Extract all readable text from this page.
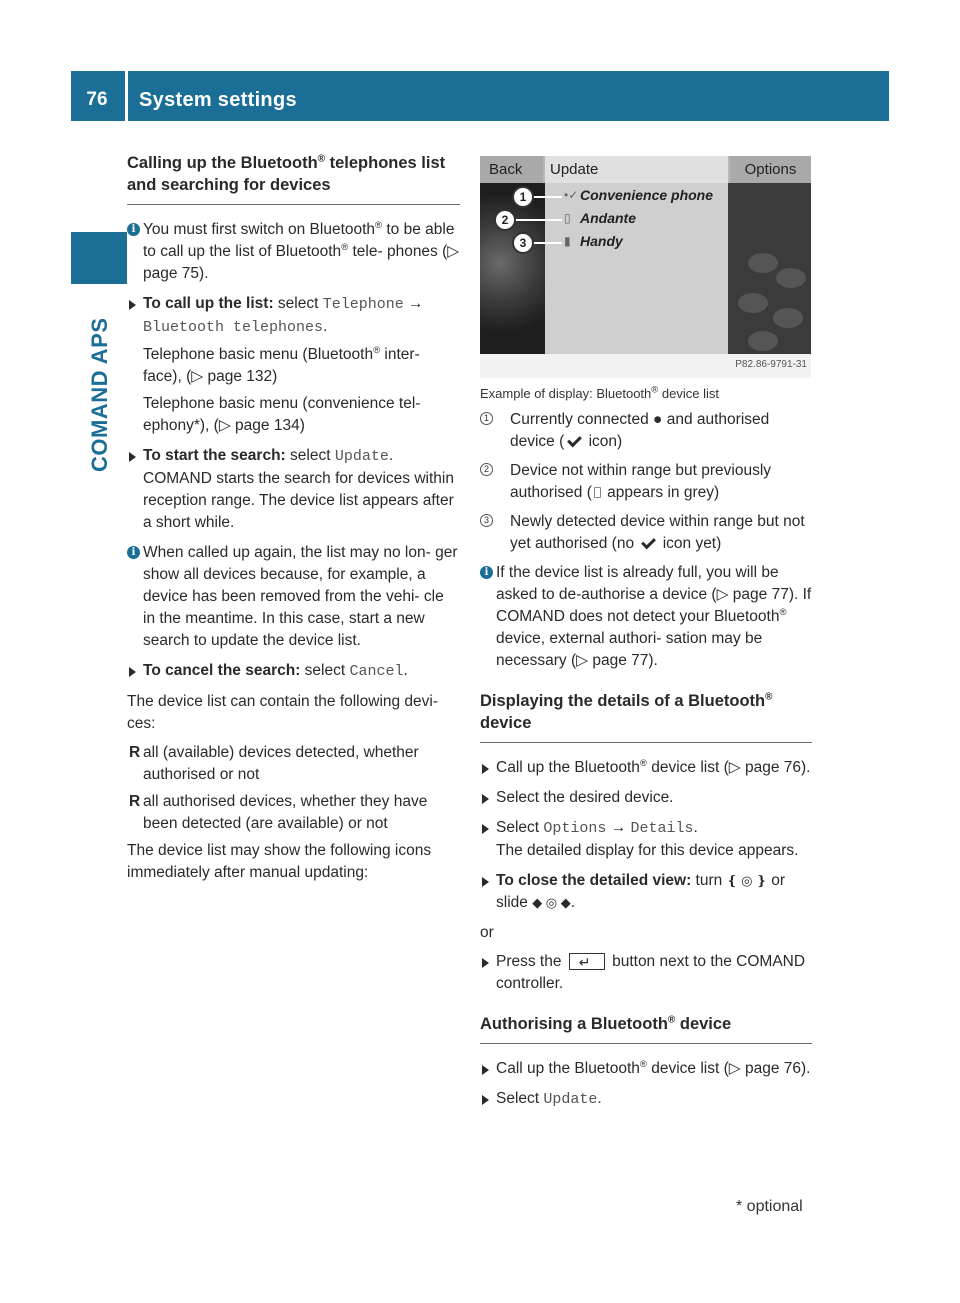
76	System settings
COMAND APS
Calling up the Bluetooth® telephones list and searching for devices
i You must first switch on Bluetooth® to be able to call up the list of Bluetooth® tele- phones (▷ page 75).
To call up the list: select Telephone → Bluetooth telephones.
Telephone basic menu (Bluetooth® inter- face), (▷ page 132)
Telephone basic menu (convenience tel- ephony*), (▷ page 134)
To start the search: select Update.
COMAND starts the search for devices within reception range. The device list appears after a short while.
i When called up again, the list may no lon- ger show all devices because, for example, a device has been removed from the vehi- cle in the meantime. In this case, start a new search to update the device list.
To cancel the search: select Cancel.

The device list can contain the following devi- ces:

R all (available) devices detected, whether authorised or not
R all authorised devices, whether they have been detected (are available) or not

The device list may show the following icons immediately after manual updating:

Back	Update	Options
•✓
▯
▮
Convenience phone
Andante
Handy
1
2
3
P82.86-9791-31
Example of display: Bluetooth® device list
1 Currently connected ● and authorised device ( icon)
2 Device not within range but previously authorised ( appears in grey)
3 Newly detected device within range but not yet authorised (no  icon yet)
i If the device list is already full, you will be asked to de-authorise a device (▷ page 77). If COMAND does not detect your Bluetooth® device, external authori- sation may be necessary (▷ page 77).
Displaying the details of a Bluetooth® device
Call up the Bluetooth® device list (▷ page 76).
Select the desired device.
Select Options → Details.
The detailed display for this device appears.
To close the detailed view: turn ❴ ◎ ❵ or slide ◆ ◎ ◆.

or

Press the ↵	button next to the COMAND controller.
Authorising a Bluetooth® device
Call up the Bluetooth® device list (▷ page 76).
Select Update.
* optional
